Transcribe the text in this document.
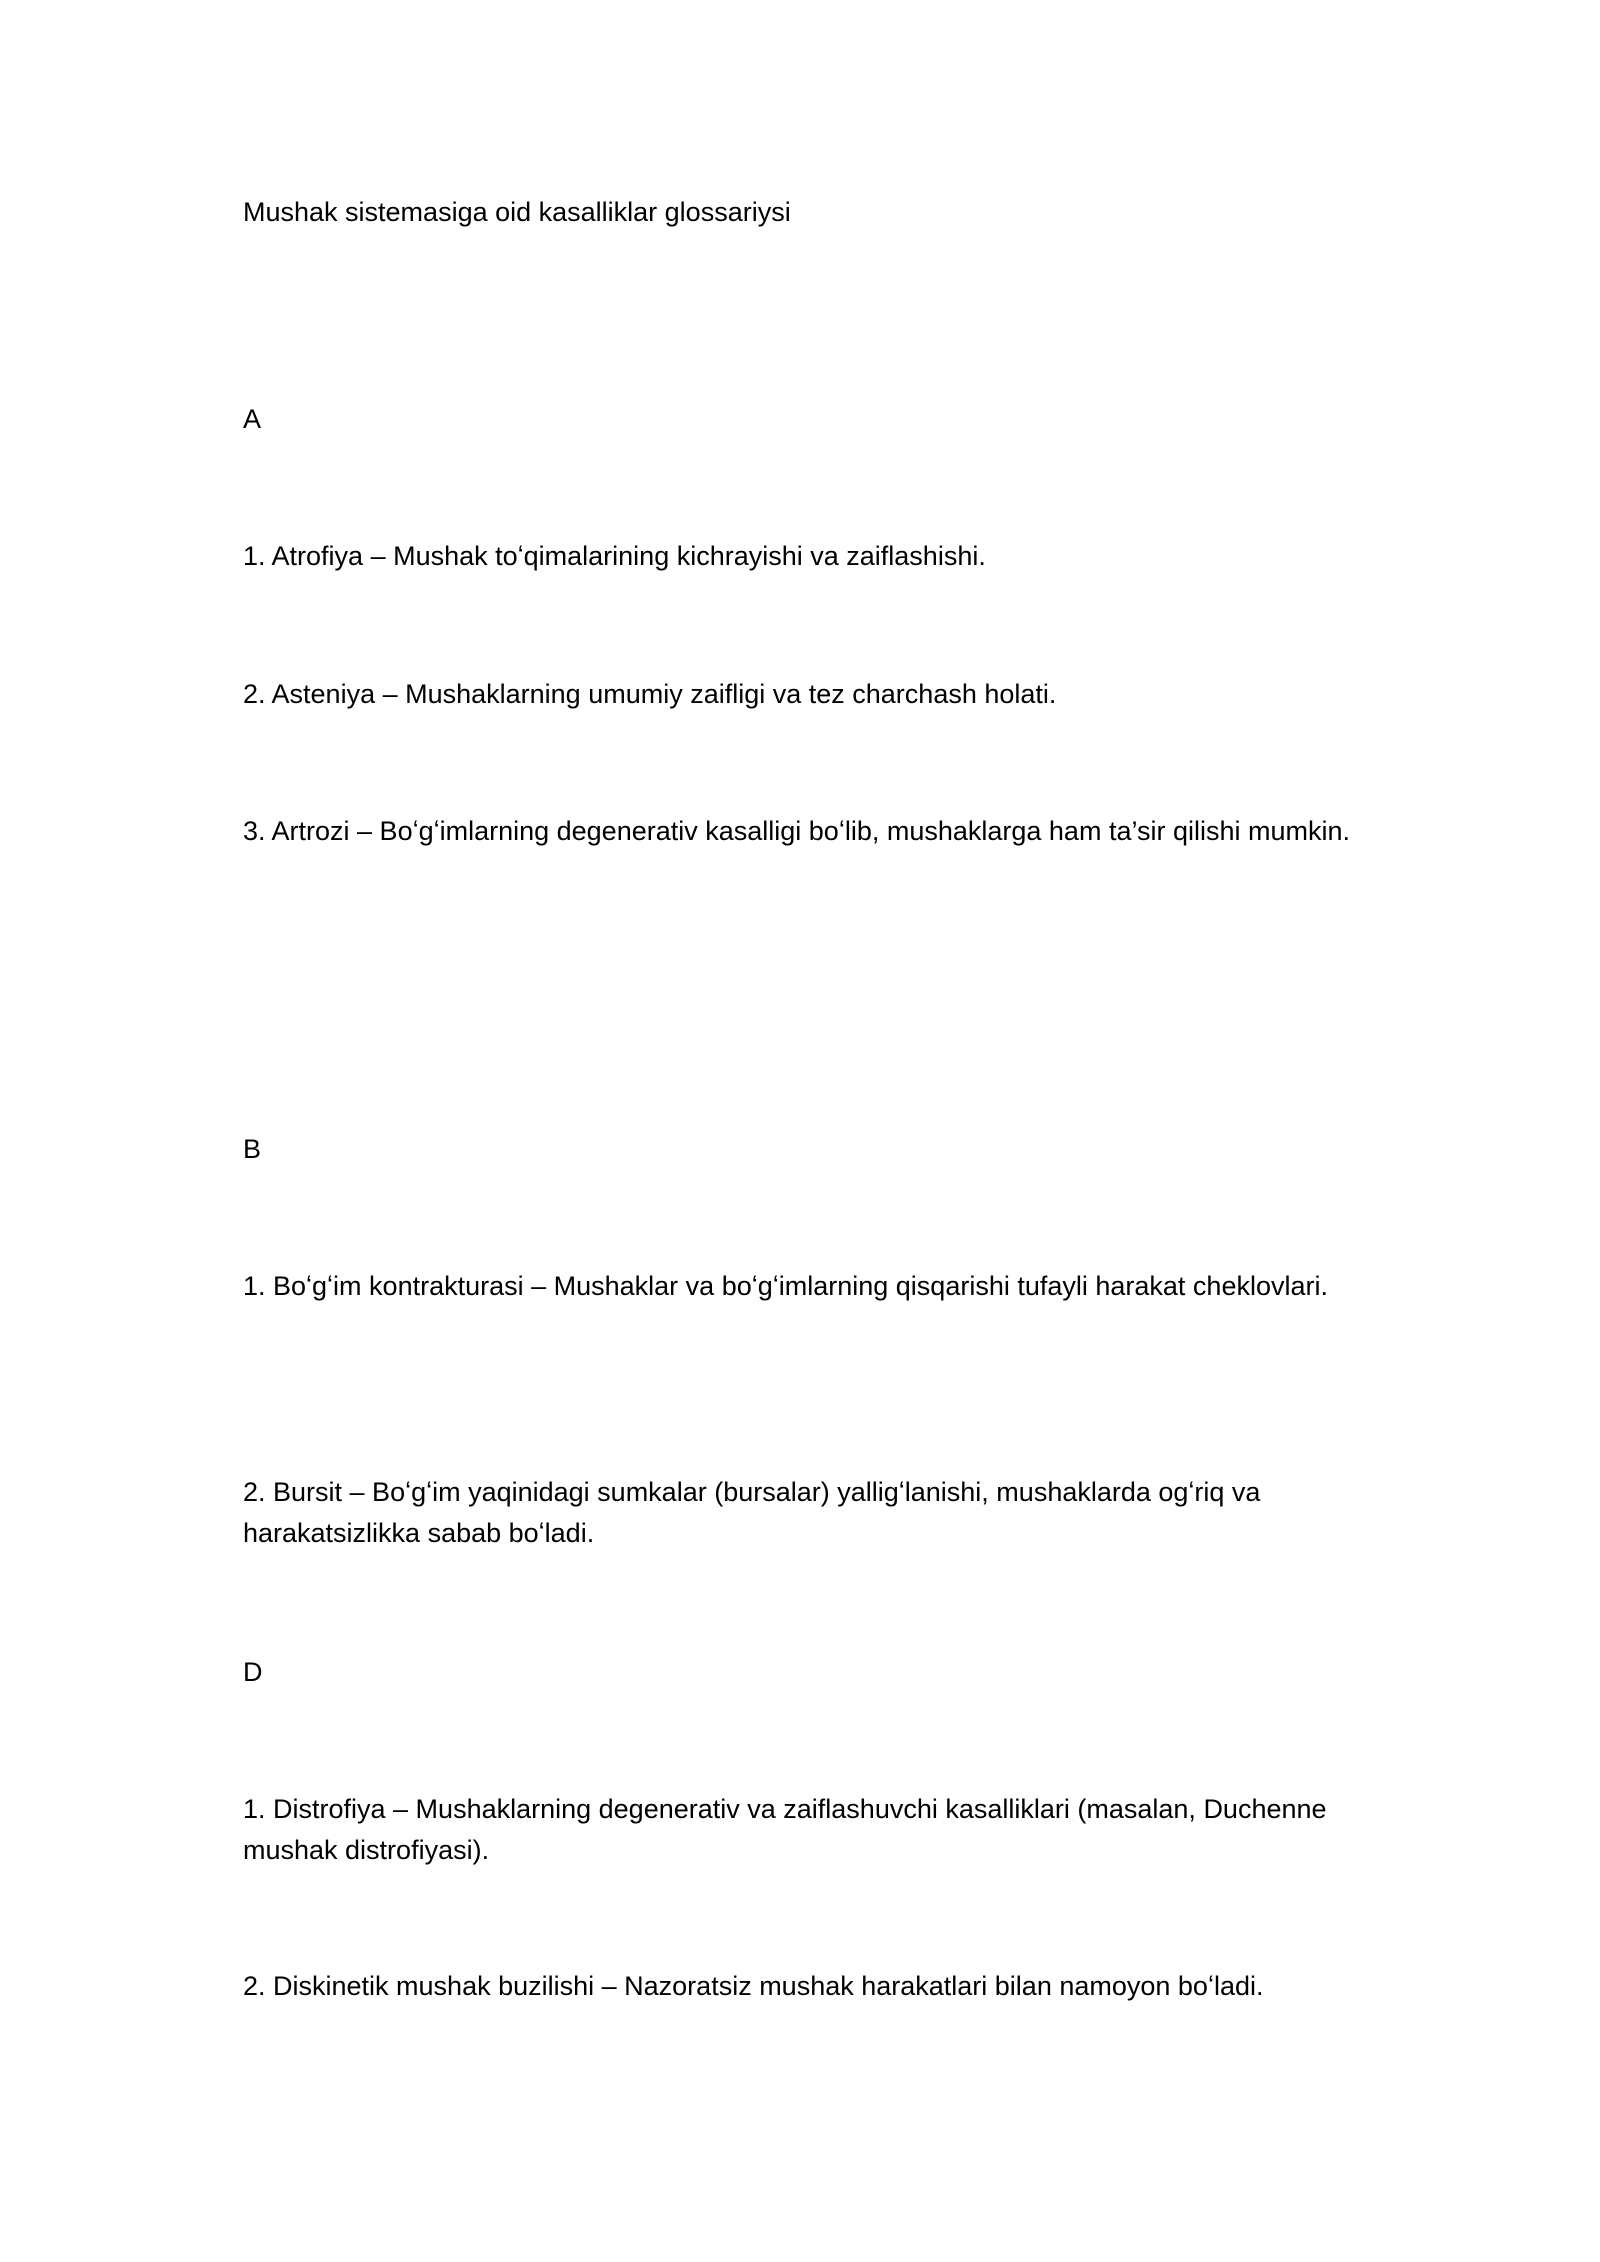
Mushak sistemasiga oid kasalliklar glossariysi

A

1. Atrofiya – Mushak toʻqimalarining kichrayishi va zaiflashishi.

2. Asteniya – Mushaklarning umumiy zaifligi va tez charchash holati.

3. Artrozi – Boʻgʻimlarning degenerativ kasalligi boʻlib, mushaklarga ham ta’sir qilishi mumkin.

B

1. Boʻgʻim kontrakturasi – Mushaklar va boʻgʻimlarning qisqarishi tufayli harakat cheklovlari.

2. Bursit – Boʻgʻim yaqinidagi sumkalar (bursalar) yalligʻlanishi, mushaklarda ogʻriq va harakatsizlikka sabab boʻladi.

D

1. Distrofiya – Mushaklarning degenerativ va zaiflashuvchi kasalliklari (masalan, Duchenne mushak distrofiyasi).

2. Diskinetik mushak buzilishi – Nazoratsiz mushak harakatlari bilan namoyon boʻladi.
